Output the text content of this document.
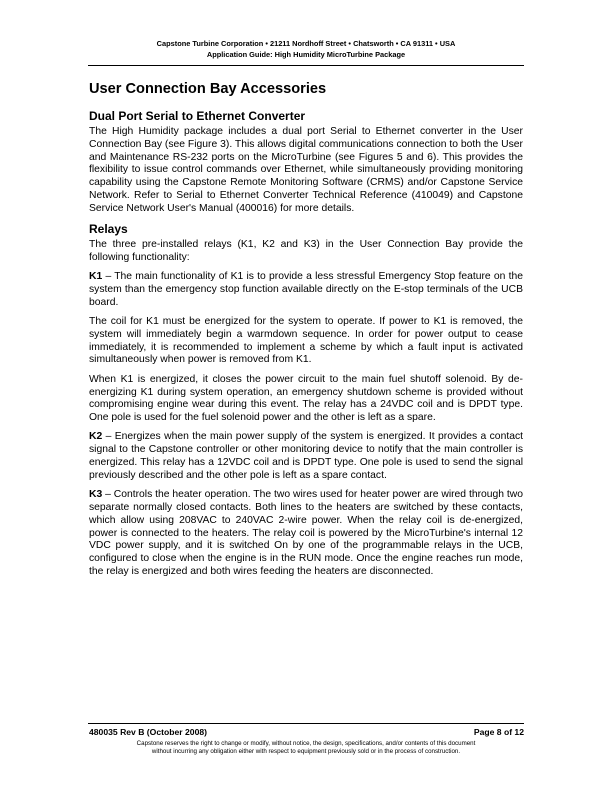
Capstone Turbine Corporation • 21211 Nordhoff Street • Chatsworth • CA 91311 • USA
Application Guide: High Humidity MicroTurbine Package
User Connection Bay Accessories
Dual Port Serial to Ethernet Converter

The High Humidity package includes a dual port Serial to Ethernet converter in the User Connection Bay (see Figure 3). This allows digital communications connection to both the User and Maintenance RS-232 ports on the MicroTurbine (see Figures 5 and 6). This provides the flexibility to issue control commands over Ethernet, while simultaneously providing monitoring capability using the Capstone Remote Monitoring Software (CRMS) and/or Capstone Service Network. Refer to Serial to Ethernet Converter Technical Reference (410049) and Capstone Service Network User's Manual (400016) for more details.

Relays

The three pre-installed relays (K1, K2 and K3) in the User Connection Bay provide the following functionality:

K1 – The main functionality of K1 is to provide a less stressful Emergency Stop feature on the system than the emergency stop function available directly on the E-stop terminals of the UCB board.

The coil for K1 must be energized for the system to operate. If power to K1 is removed, the system will immediately begin a warmdown sequence. In order for power output to cease immediately, it is recommended to implement a scheme by which a fault input is activated simultaneously when power is removed from K1.

When K1 is energized, it closes the power circuit to the main fuel shutoff solenoid. By de-energizing K1 during system operation, an emergency shutdown scheme is provided without compromising engine wear during this event. The relay has a 24VDC coil and is DPDT type. One pole is used for the fuel solenoid power and the other is left as a spare.

K2 – Energizes when the main power supply of the system is energized. It provides a contact signal to the Capstone controller or other monitoring device to notify that the main controller is energized. This relay has a 12VDC coil and is DPDT type. One pole is used to send the signal previously described and the other pole is left as a spare contact.

K3 – Controls the heater operation. The two wires used for heater power are wired through two separate normally closed contacts. Both lines to the heaters are switched by these contacts, which allow using 208VAC to 240VAC 2-wire power. When the relay coil is de-energized, power is connected to the heaters. The relay coil is powered by the MicroTurbine's internal 12 VDC power supply, and it is switched On by one of the programmable relays in the UCB, configured to close when the engine is in the RUN mode. Once the engine reaches run mode, the relay is energized and both wires feeding the heaters are disconnected.

480035 Rev B (October 2008)	Page 8 of 12
Capstone reserves the right to change or modify, without notice, the design, specifications, and/or contents of this document
without incurring any obligation either with respect to equipment previously sold or in the process of construction.
